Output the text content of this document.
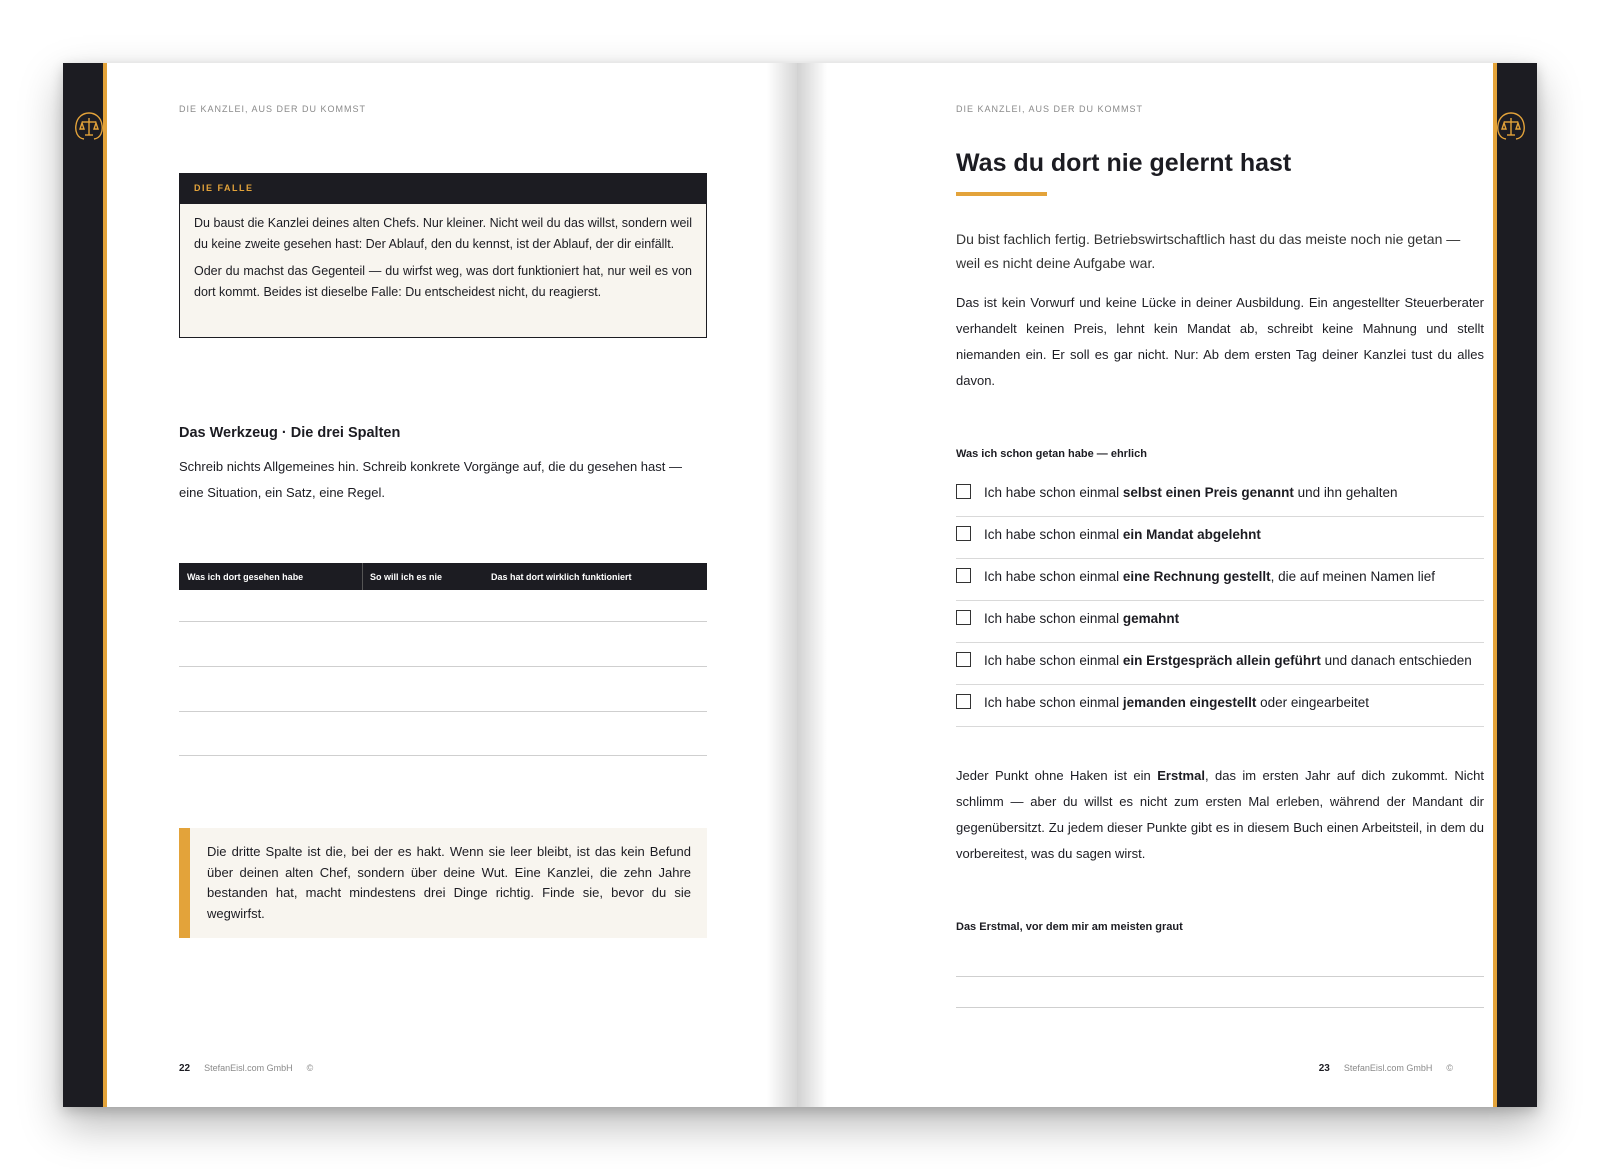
DIE KANZLEI, AUS DER DU KOMMST
DIE FALLE

Du baust die Kanzlei deines alten Chefs. Nur kleiner. Nicht weil du das willst, sondern weil du keine zweite gesehen hast: Der Ablauf, den du kennst, ist der Ablauf, der dir einfällt.

Oder du machst das Gegenteil — du wirfst weg, was dort funktioniert hat, nur weil es von dort kommt. Beides ist dieselbe Falle: Du entscheidest nicht, du reagierst.

Das Werkzeug · Die drei Spalten

Schreib nichts Allgemeines hin. Schreib konkrete Vorgänge auf, die du gesehen hast — eine Situation, ein Satz, eine Regel.

Was ich dort gesehen habe	So will ich es nie	Das hat dort wirklich funktioniert

Die dritte Spalte ist die, bei der es hakt. Wenn sie leer bleibt, ist das kein Befund über deinen alten Chef, sondern über deine Wut. Eine Kanzlei, die zehn Jahre bestanden hat, macht mindestens drei Dinge richtig. Finde sie, bevor du sie wegwirfst.

22 StefanEisl.com GmbH ©
DIE KANZLEI, AUS DER DU KOMMST
Was du dort nie gelernt hast

Du bist fachlich fertig. Betriebswirtschaftlich hast du das meiste noch nie getan — weil es nicht deine Aufgabe war.

Das ist kein Vorwurf und keine Lücke in deiner Ausbildung. Ein angestellter Steuerberater verhandelt keinen Preis, lehnt kein Mandat ab, schreibt keine Mahnung und stellt niemanden ein. Er soll es gar nicht. Nur: Ab dem ersten Tag deiner Kanzlei tust du alles davon.

Was ich schon getan habe — ehrlich
Ich habe schon einmal selbst einen Preis genannt und ihn gehalten
Ich habe schon einmal ein Mandat abgelehnt
Ich habe schon einmal eine Rechnung gestellt, die auf meinen Namen lief
Ich habe schon einmal gemahnt
Ich habe schon einmal ein Erstgespräch allein geführt und danach entschieden
Ich habe schon einmal jemanden eingestellt oder eingearbeitet

Jeder Punkt ohne Haken ist ein Erstmal, das im ersten Jahr auf dich zukommt. Nicht schlimm — aber du willst es nicht zum ersten Mal erleben, während der Mandant dir gegenübersitzt. Zu jedem dieser Punkte gibt es in diesem Buch einen Arbeitsteil, in dem du vorbereitest, was du sagen wirst.

Das Erstmal, vor dem mir am meisten graut
23 StefanEisl.com GmbH ©
